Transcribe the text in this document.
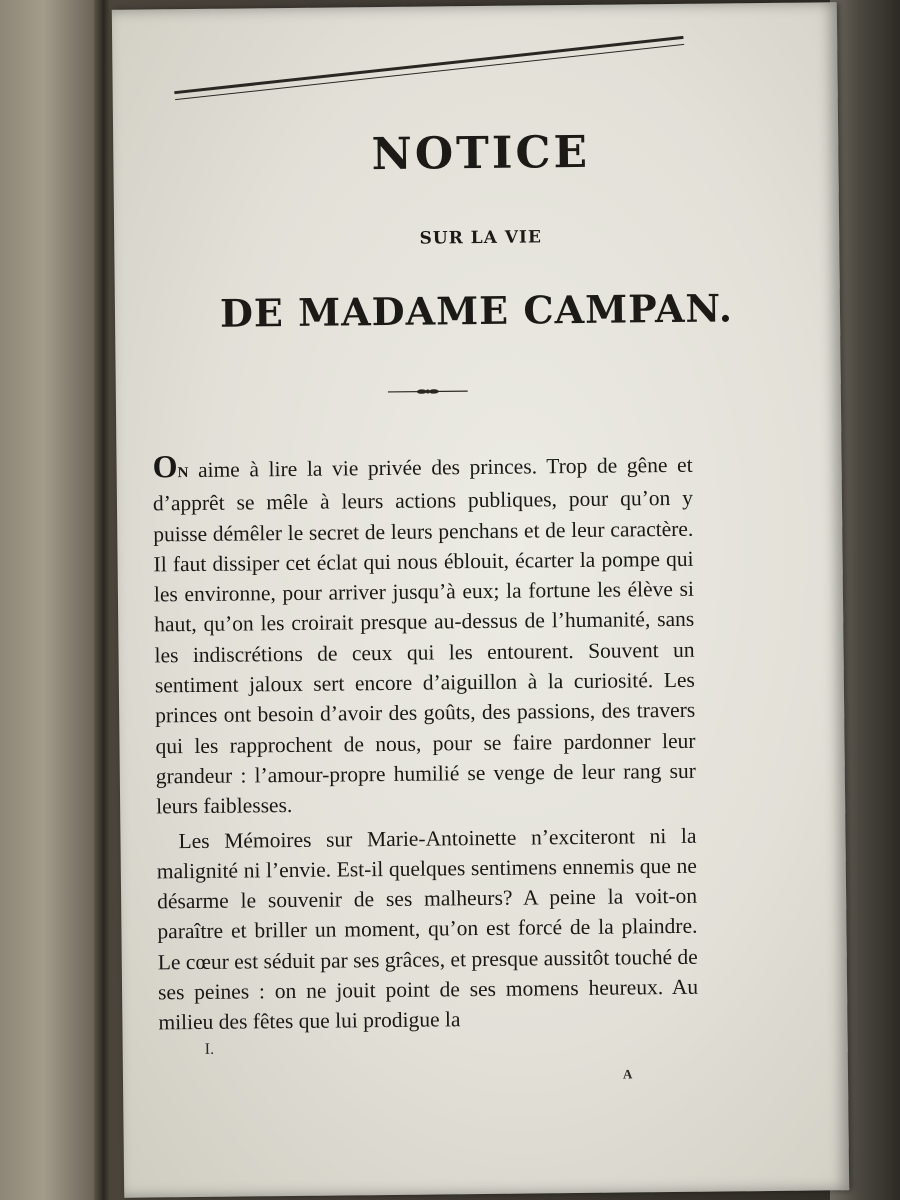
NOTICE
SUR LA VIE
DE MADAME CAMPAN.

ON aime à lire la vie privée des princes. Trop de gêne et d’apprêt se mêle à leurs actions publiques, pour qu’on y puisse démêler le secret de leurs penchans et de leur caractère. Il faut dissiper cet éclat qui nous éblouit, écarter la pompe qui les environne, pour arriver jusqu’à eux; la fortune les élève si haut, qu’on les croirait presque au-dessus de l’humanité, sans les indiscrétions de ceux qui les entourent. Souvent un sentiment jaloux sert encore d’aiguillon à la curiosité. Les princes ont besoin d’avoir des goûts, des passions, des travers qui les rapprochent de nous, pour se faire pardonner leur grandeur : l’amour-propre humilié se venge de leur rang sur leurs faiblesses.

Les Mémoires sur Marie-Antoinette n’exciteront ni la malignité ni l’envie. Est-il quelques sentimens ennemis que ne désarme le souvenir de ses malheurs? A peine la voit-on paraître et briller un moment, qu’on est forcé de la plaindre. Le cœur est séduit par ses grâces, et presque aussitôt touché de ses peines : on ne jouit point de ses momens heureux. Au milieu des fêtes que lui prodigue la

I.
A
